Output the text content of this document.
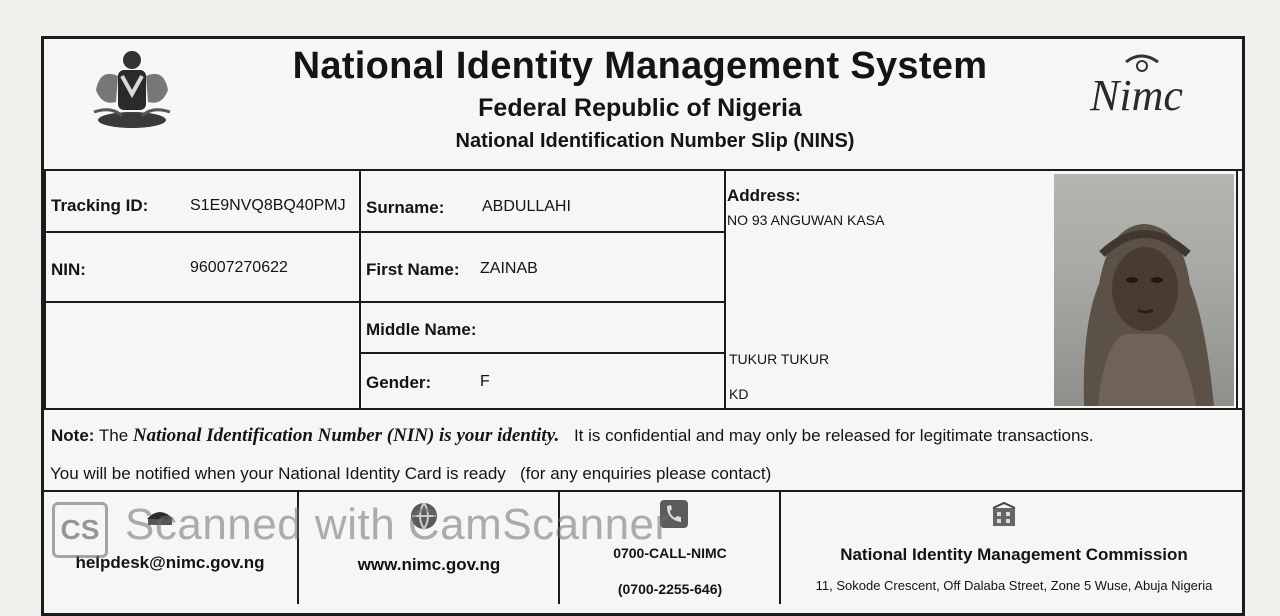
National Identity Management System
Federal Republic of Nigeria
National Identification Number Slip (NINS)
Nimc
Tracking ID:	S1E9NVQ8BQ40PMJ
NIN:	96007270622
Surname: ABDULLAHI
First Name: ZAINAB
Middle Name:
Gender:	F
Address:
NO 93 ANGUWAN KASA
TUKUR TUKUR
KD
Note: The National Identification Number (NIN) is your identity. It is confidential and may only be released for legitimate transactions.
You will be notified when your National Identity Card is ready   (for any enquiries please contact)
helpdesk@nimc.gov.ng	www.nimc.gov.ng
0700-CALL-NIMC
(0700-2255-646)
National Identity Management Commission
11, Sokode Crescent, Off Dalaba Street, Zone 5 Wuse, Abuja Nigeria
CS Scanned with CamScanner
